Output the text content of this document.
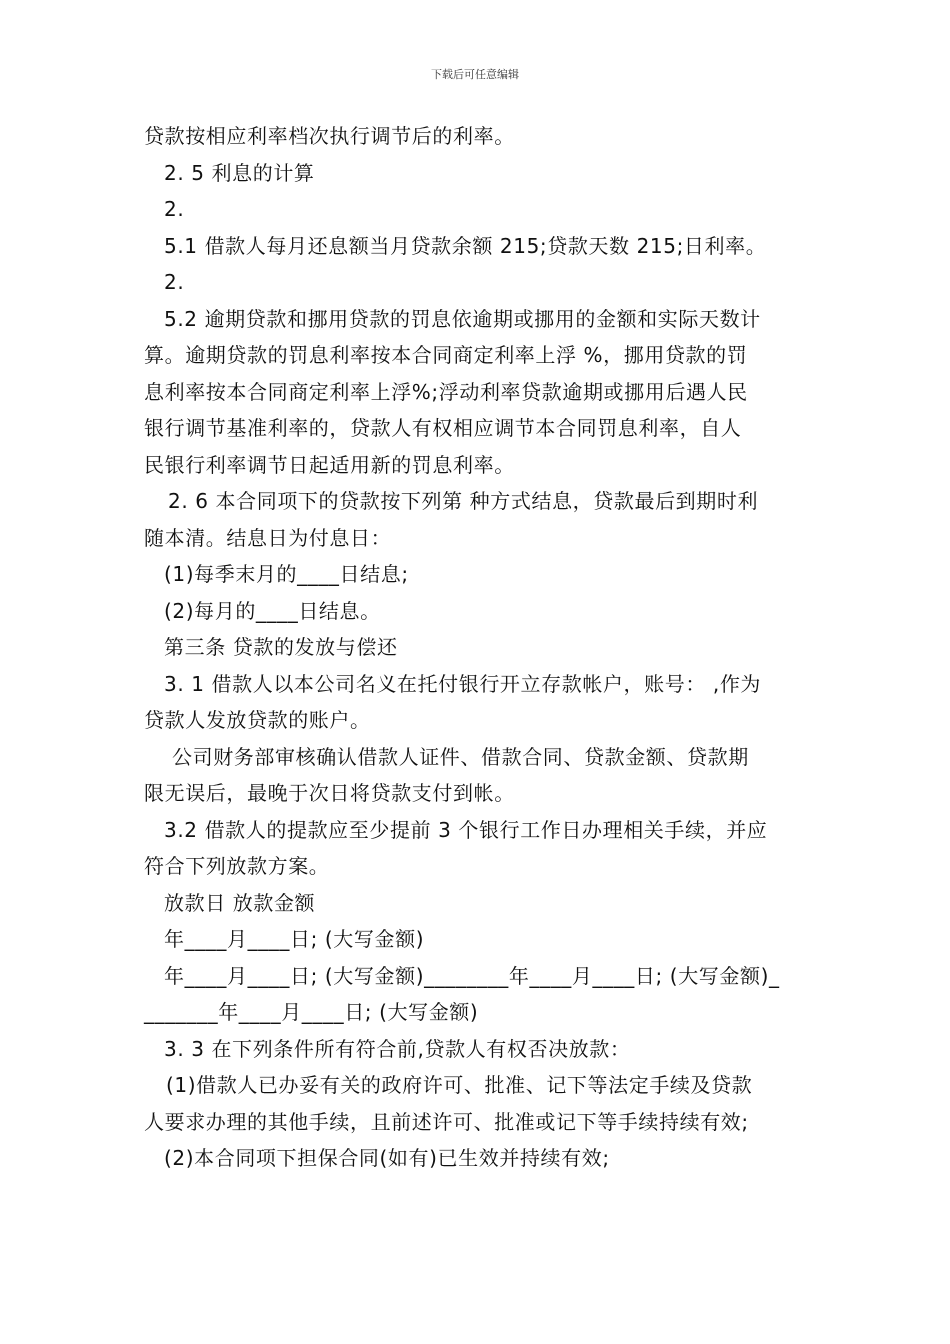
下载后可任意编辑
贷款按相应利率档次执行调节后的利率。
2. 5 利息的计算
2.
5.1 借款人每月还息额当月贷款余额 215;贷款天数 215;日利率。
2.
5.2 逾期贷款和挪用贷款的罚息依逾期或挪用的金额和实际天数计
算。逾期贷款的罚息利率按本合同商定利率上浮 %，挪用贷款的罚
息利率按本合同商定利率上浮%;浮动利率贷款逾期或挪用后遇人民
银行调节基准利率的，贷款人有权相应调节本合同罚息利率，自人
民银行利率调节日起适用新的罚息利率。
2. 6 本合同项下的贷款按下列第 种方式结息，贷款最后到期时利
随本清。结息日为付息日：
(1)每季末月的____日结息;
(2)每月的____日结息。
第三条 贷款的发放与偿还
3. 1 借款人以本公司名义在托付银行开立存款帐户，账号： ,作为
贷款人发放贷款的账户。
公司财务部审核确认借款人证件、借款合同、贷款金额、贷款期
限无误后，最晚于次日将贷款支付到帐。
3.2 借款人的提款应至少提前 3 个银行工作日办理相关手续，并应
符合下列放款方案。
放款日 放款金额
年____月____日; (大写金额)
年____月____日; (大写金额)________年____月____日; (大写金额)_
_______年____月____日; (大写金额)
3. 3 在下列条件所有符合前,贷款人有权否决放款：
(1)借款人已办妥有关的政府许可、批准、记下等法定手续及贷款
人要求办理的其他手续，且前述许可、批准或记下等手续持续有效;
(2)本合同项下担保合同(如有)已生效并持续有效;
